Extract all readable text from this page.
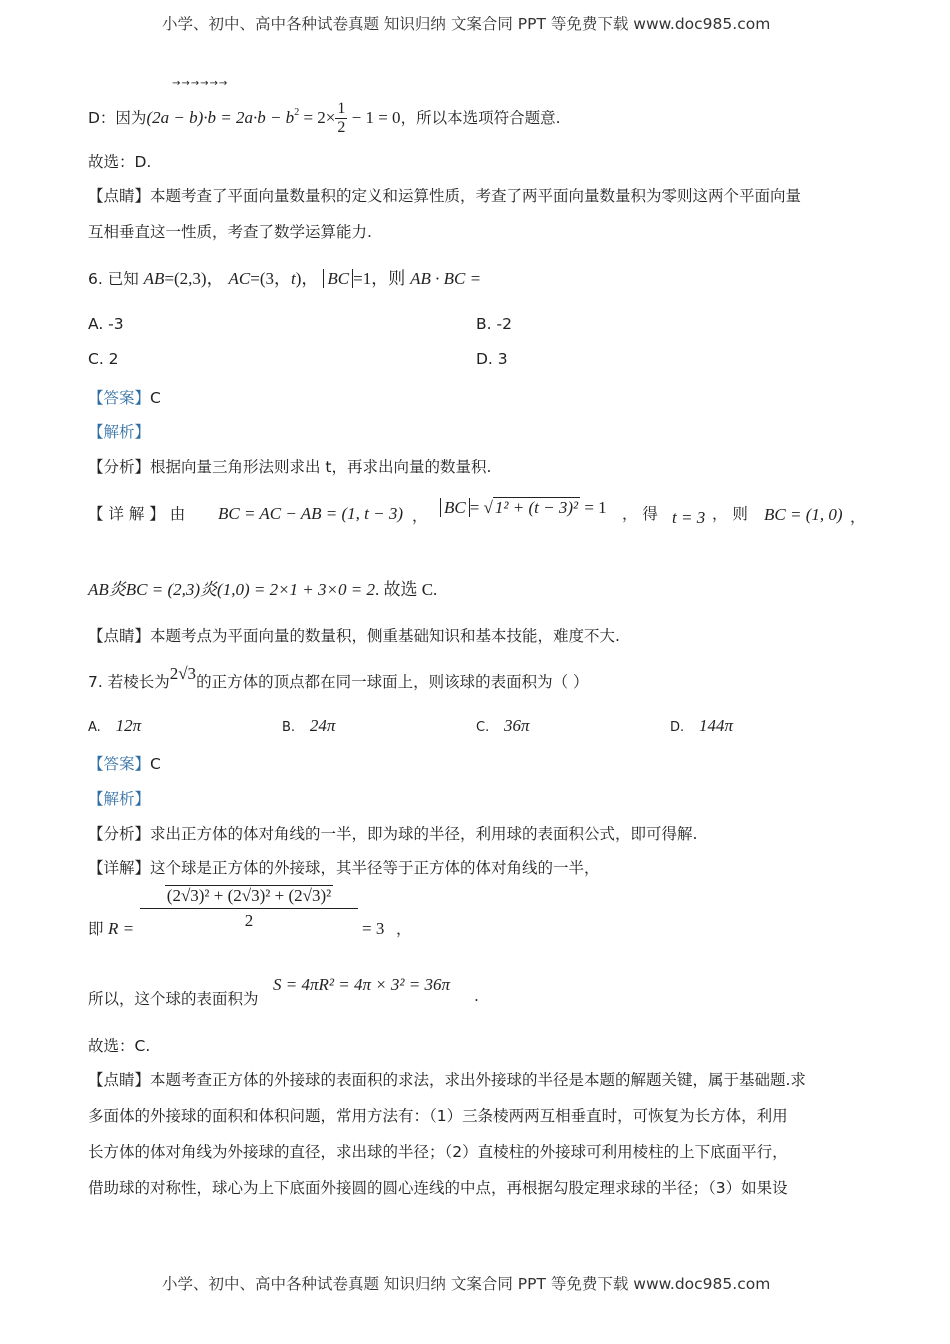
小学、初中、高中各种试卷真题 知识归纳 文案合同 PPT 等免费下载 www.doc985.com
→→→→→→
D：因为$(2a - b)\cdot b = 2a\cdot b - b^2 = 2\times \frac{1}{2} - 1 = 0$，所以本选项符合题意.
故选：D.
【点睛】本题考查了平面向量数量积的定义和运算性质，考查了两平面向量数量积为零则这两个平面向量
互相垂直这一性质，考查了数学运算能力.
6. 已知 AB=(2,3)， AC=(3，t)， BC =1，则 AB · BC =
A. -3	B. -2
C. 2	D. 3
【答案】C
【解析】
【分析】根据向量三角形法则求出 t，再求出向量的数量积.
【 详 解 】 由 BC = AC − AB = (1, t − 3) ， BC = √ 1² + (t − 3)² = 1 ， 得 t = 3 ， 则 BC = (1, 0) ，
AB炎BC = (2,3)炎(1,0) = 2×1 + 3×0 = 2. 故选 C.
【点睛】本题考点为平面向量的数量积，侧重基础知识和基本技能，难度不大.
7. 若棱长为2√3的正方体的顶点都在同一球面上，则该球的表面积为（ ）
A. 12π	B. 24π	C. 36π	D. 144π
【答案】C
【解析】
【分析】求出正方体的体对角线的一半，即为球的半径，利用球的表面积公式，即可得解.
【详解】这个球是正方体的外接球，其半径等于正方体的体对角线的一半，
即 R =
(2√3)² + (2√3)² + (2√3)²
2	= 3 ，
所以，这个球的表面积为
S = 4πR² = 4π × 3² = 36π
.
故选：C.
【点睛】本题考查正方体的外接球的表面积的求法，求出外接球的半径是本题的解题关键，属于基础题.求
多面体的外接球的面积和体积问题，常用方法有：（1）三条棱两两互相垂直时，可恢复为长方体，利用
长方体的体对角线为外接球的直径，求出球的半径；（2）直棱柱的外接球可利用棱柱的上下底面平行，
借助球的对称性，球心为上下底面外接圆的圆心连线的中点，再根据勾股定理求球的半径；（3）如果设
小学、初中、高中各种试卷真题 知识归纳 文案合同 PPT 等免费下载 www.doc985.com
